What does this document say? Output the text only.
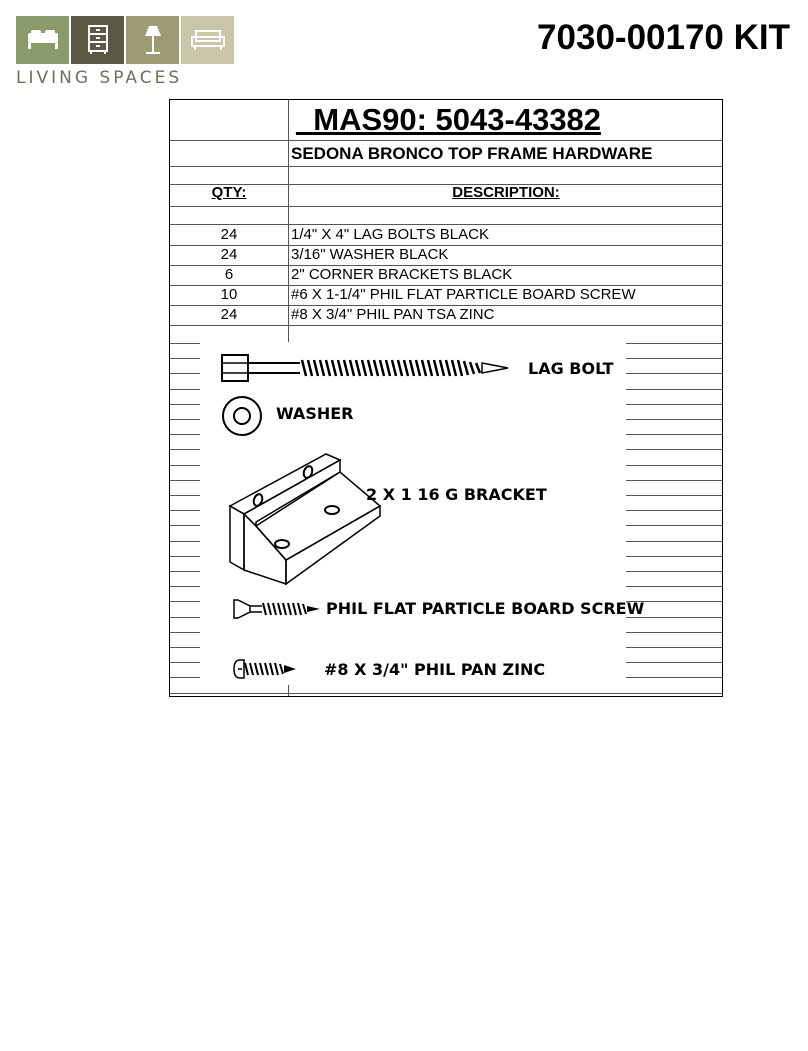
LIVING SPACES
7030-00170 KIT
_MAS90: 5043-43382
SEDONA BRONCO TOP FRAME HARDWARE
QTY:	DESCRIPTION:
24	1/4" X 4" LAG BOLTS BLACK
24	3/16" WASHER BLACK
6	2" CORNER BRACKETS BLACK
10	#6 X 1-1/4" PHIL FLAT PARTICLE BOARD SCREW
24	#8 X 3/4" PHIL PAN TSA ZINC
LAG BOLT
WASHER
2 X 1 16 G BRACKET
PHIL FLAT PARTICLE BOARD SCREW
#8 X 3/4" PHIL PAN ZINC
